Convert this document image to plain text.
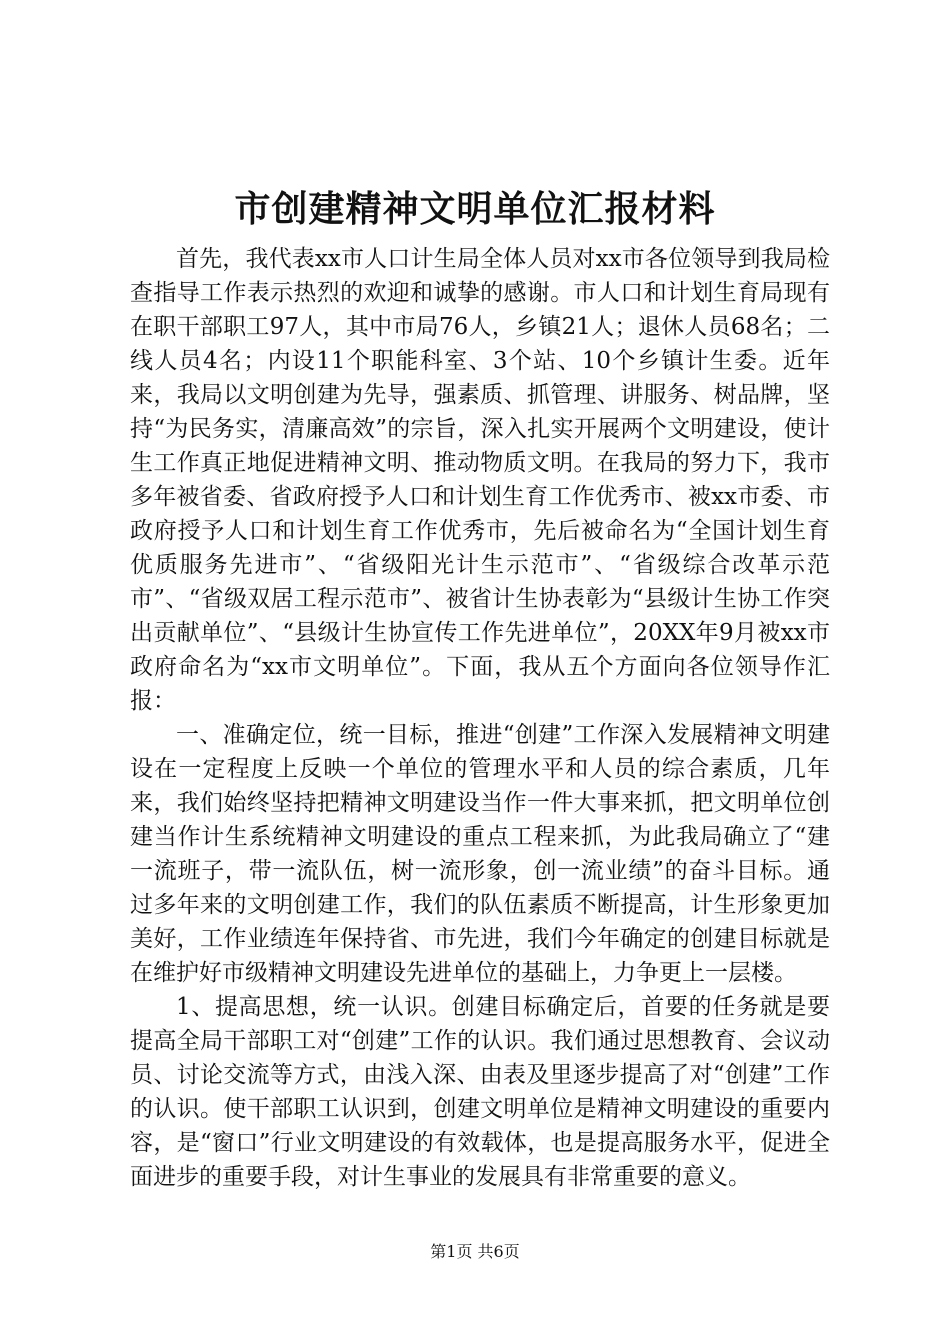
市创建精神文明单位汇报材料

首先，我代表xx市人口计生局全体人员对xx市各位领导到我局检查指导工作表示热烈的欢迎和诚挚的感谢。市人口和计划生育局现有在职干部职工97人，其中市局76人，乡镇21人；退休人员68名；二线人员4名；内设11个职能科室、3个站、10个乡镇计生委。近年来，我局以文明创建为先导，强素质、抓管理、讲服务、树品牌，坚持“为民务实，清廉高效”的宗旨，深入扎实开展两个文明建设，使计生工作真正地促进精神文明、推动物质文明。在我局的努力下，我市多年被省委、省政府授予人口和计划生育工作优秀市、被xx市委、市政府授予人口和计划生育工作优秀市，先后被命名为“全国计划生育优质服务先进市”、“省级阳光计生示范市”、“省级综合改革示范市”、“省级双居工程示范市”、被省计生协表彰为“县级计生协工作突出贡献单位”、“县级计生协宣传工作先进单位”，20XX年9月被xx市政府命名为“xx市文明单位”。下面，我从五个方面向各位领导作汇报：

一、准确定位，统一目标，推进“创建”工作深入发展精神文明建设在一定程度上反映一个单位的管理水平和人员的综合素质，几年来，我们始终坚持把精神文明建设当作一件大事来抓，把文明单位创建当作计生系统精神文明建设的重点工程来抓，为此我局确立了“建一流班子，带一流队伍，树一流形象，创一流业绩”的奋斗目标。通过多年来的文明创建工作，我们的队伍素质不断提高，计生形象更加美好，工作业绩连年保持省、市先进，我们今年确定的创建目标就是在维护好市级精神文明建设先进单位的基础上，力争更上一层楼。

1、提高思想，统一认识。创建目标确定后，首要的任务就是要提高全局干部职工对“创建”工作的认识。我们通过思想教育、会议动员、讨论交流等方式，由浅入深、由表及里逐步提高了对“创建”工作的认识。使干部职工认识到，创建文明单位是精神文明建设的重要内容，是“窗口”行业文明建设的有效载体，也是提高服务水平，促进全面进步的重要手段，对计生事业的发展具有非常重要的意义。

第1页 共6页
